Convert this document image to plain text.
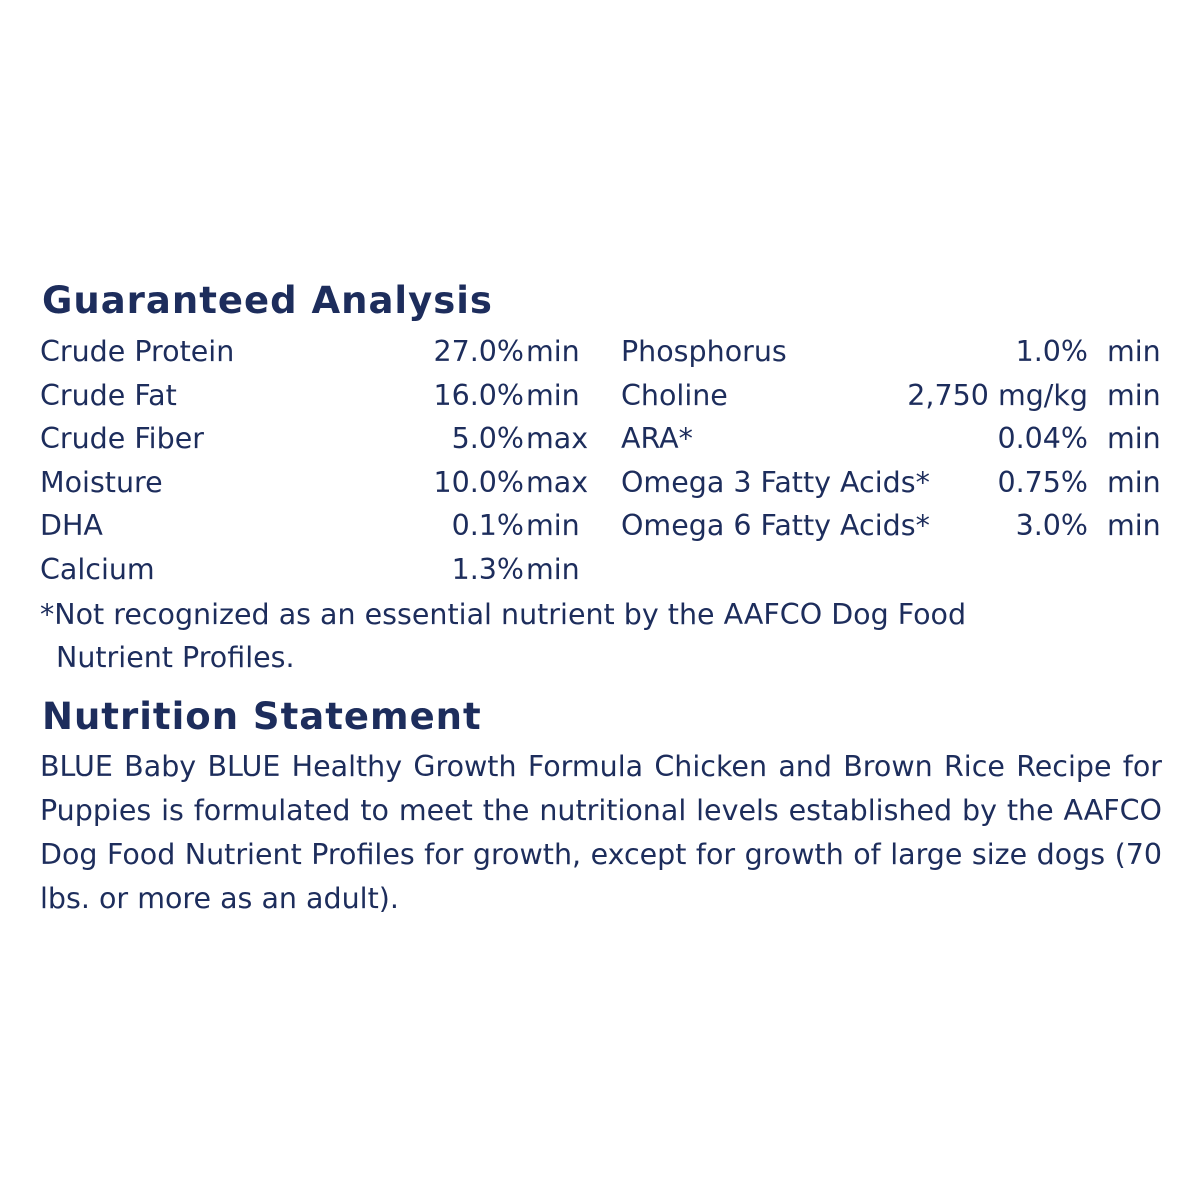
Guaranteed Analysis
Crude Protein	27.0% min
Crude Fat	16.0% min
Crude Fiber	5.0% max
Moisture	10.0% max
DHA	0.1% min
Calcium	1.3% min
Phosphorus	1.0% min
Choline	2,750 mg/kg min
ARA*	0.04% min
Omega 3 Fatty Acids* 0.75% min
Omega 6 Fatty Acids*	3.0% min

*Not recognized as an essential nutrient by the AAFCO Dog Food
Nutrient Profiles.

Nutrition Statement

BLUE Baby BLUE Healthy Growth Formula Chicken and Brown Rice Recipe for Puppies is formulated to meet the nutritional levels established by the AAFCO Dog Food Nutrient Profiles for growth, except for growth of large size dogs (70 lbs. or more as an adult).
